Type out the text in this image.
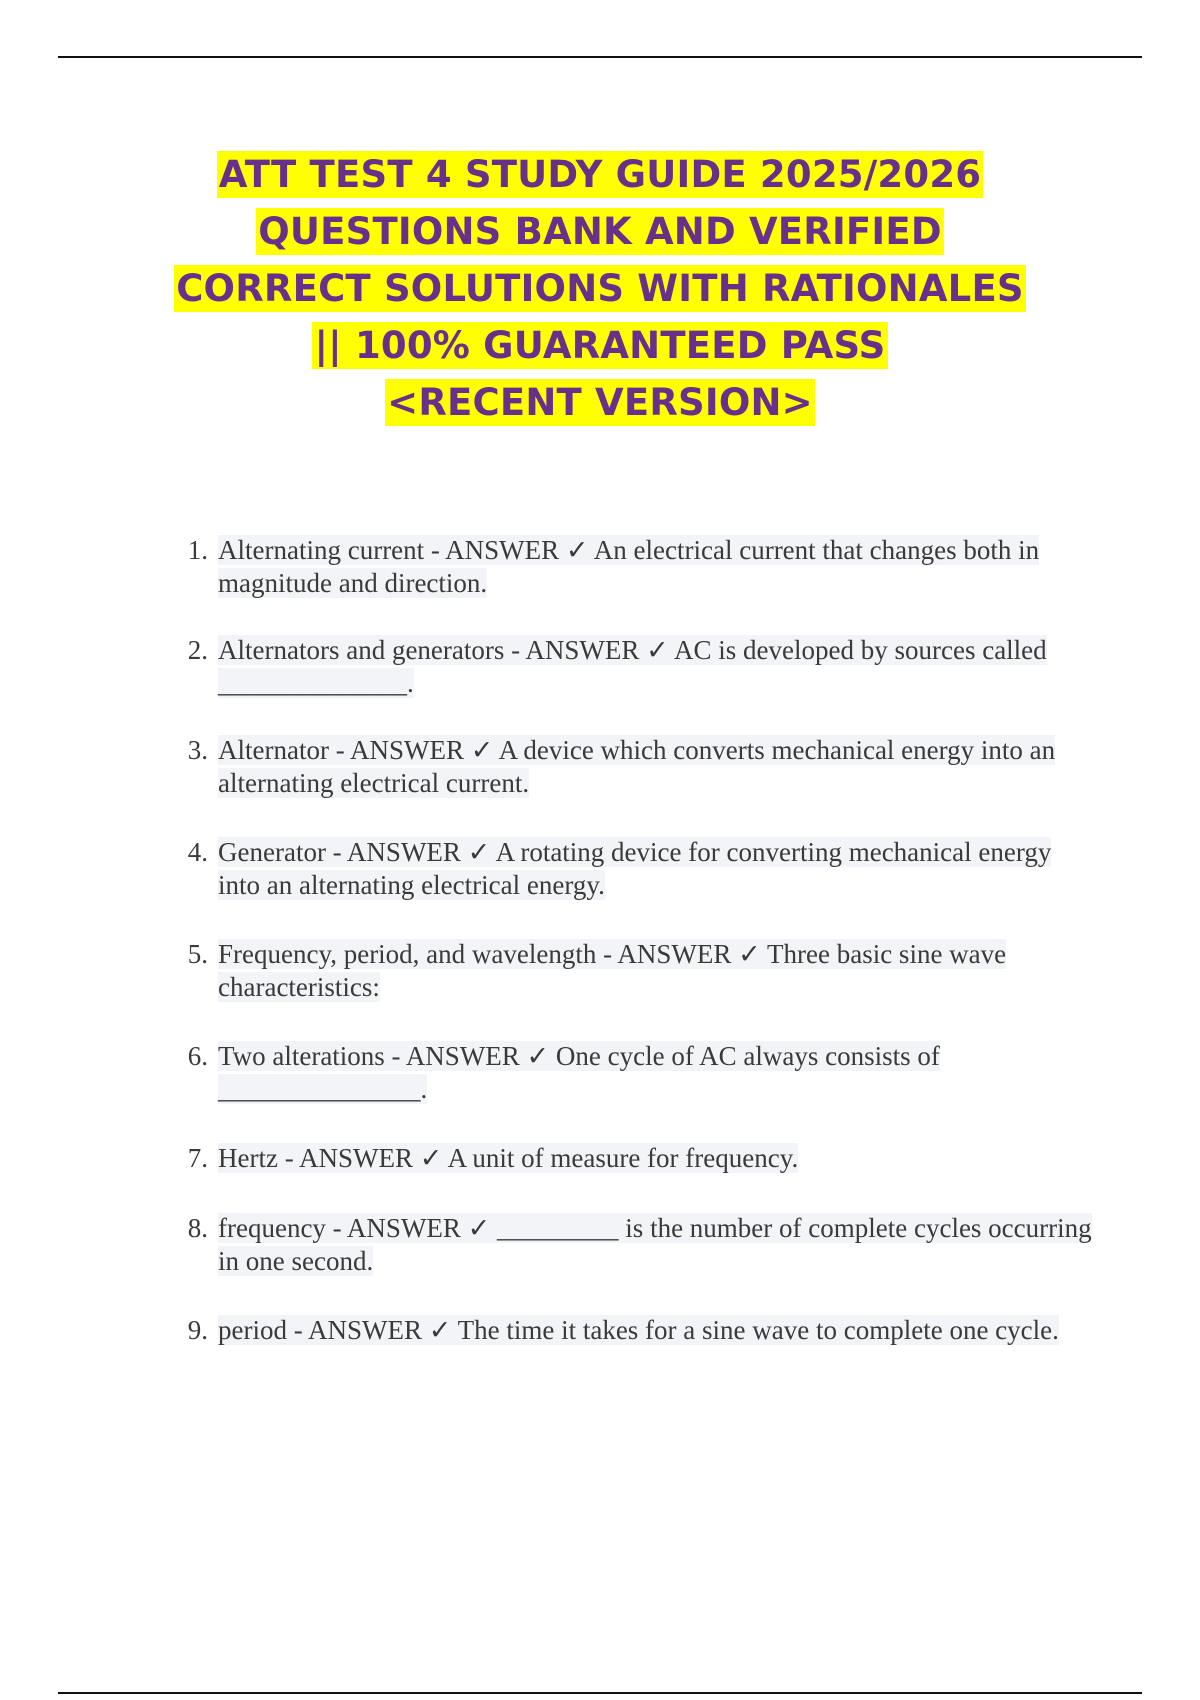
ATT TEST 4 STUDY GUIDE 2025/2026
QUESTIONS BANK AND VERIFIED
CORRECT SOLUTIONS WITH RATIONALES
|| 100% GUARANTEED PASS
<RECENT VERSION>
1. Alternating current - ANSWER ✓ An electrical current that changes both in magnitude and direction.
2. Alternators and generators - ANSWER ✓ AC is developed by sources called ______________.
3. Alternator - ANSWER ✓ A device which converts mechanical energy into an alternating electrical current.
4. Generator - ANSWER ✓ A rotating device for converting mechanical energy into an alternating electrical energy.
5. Frequency, period, and wavelength - ANSWER ✓ Three basic sine wave characteristics:
6. Two alterations - ANSWER ✓ One cycle of AC always consists of _______________.
7. Hertz - ANSWER ✓ A unit of measure for frequency.
8. frequency - ANSWER ✓ _________ is the number of complete cycles occurring in one second.
9. period - ANSWER ✓ The time it takes for a sine wave to complete one cycle.
